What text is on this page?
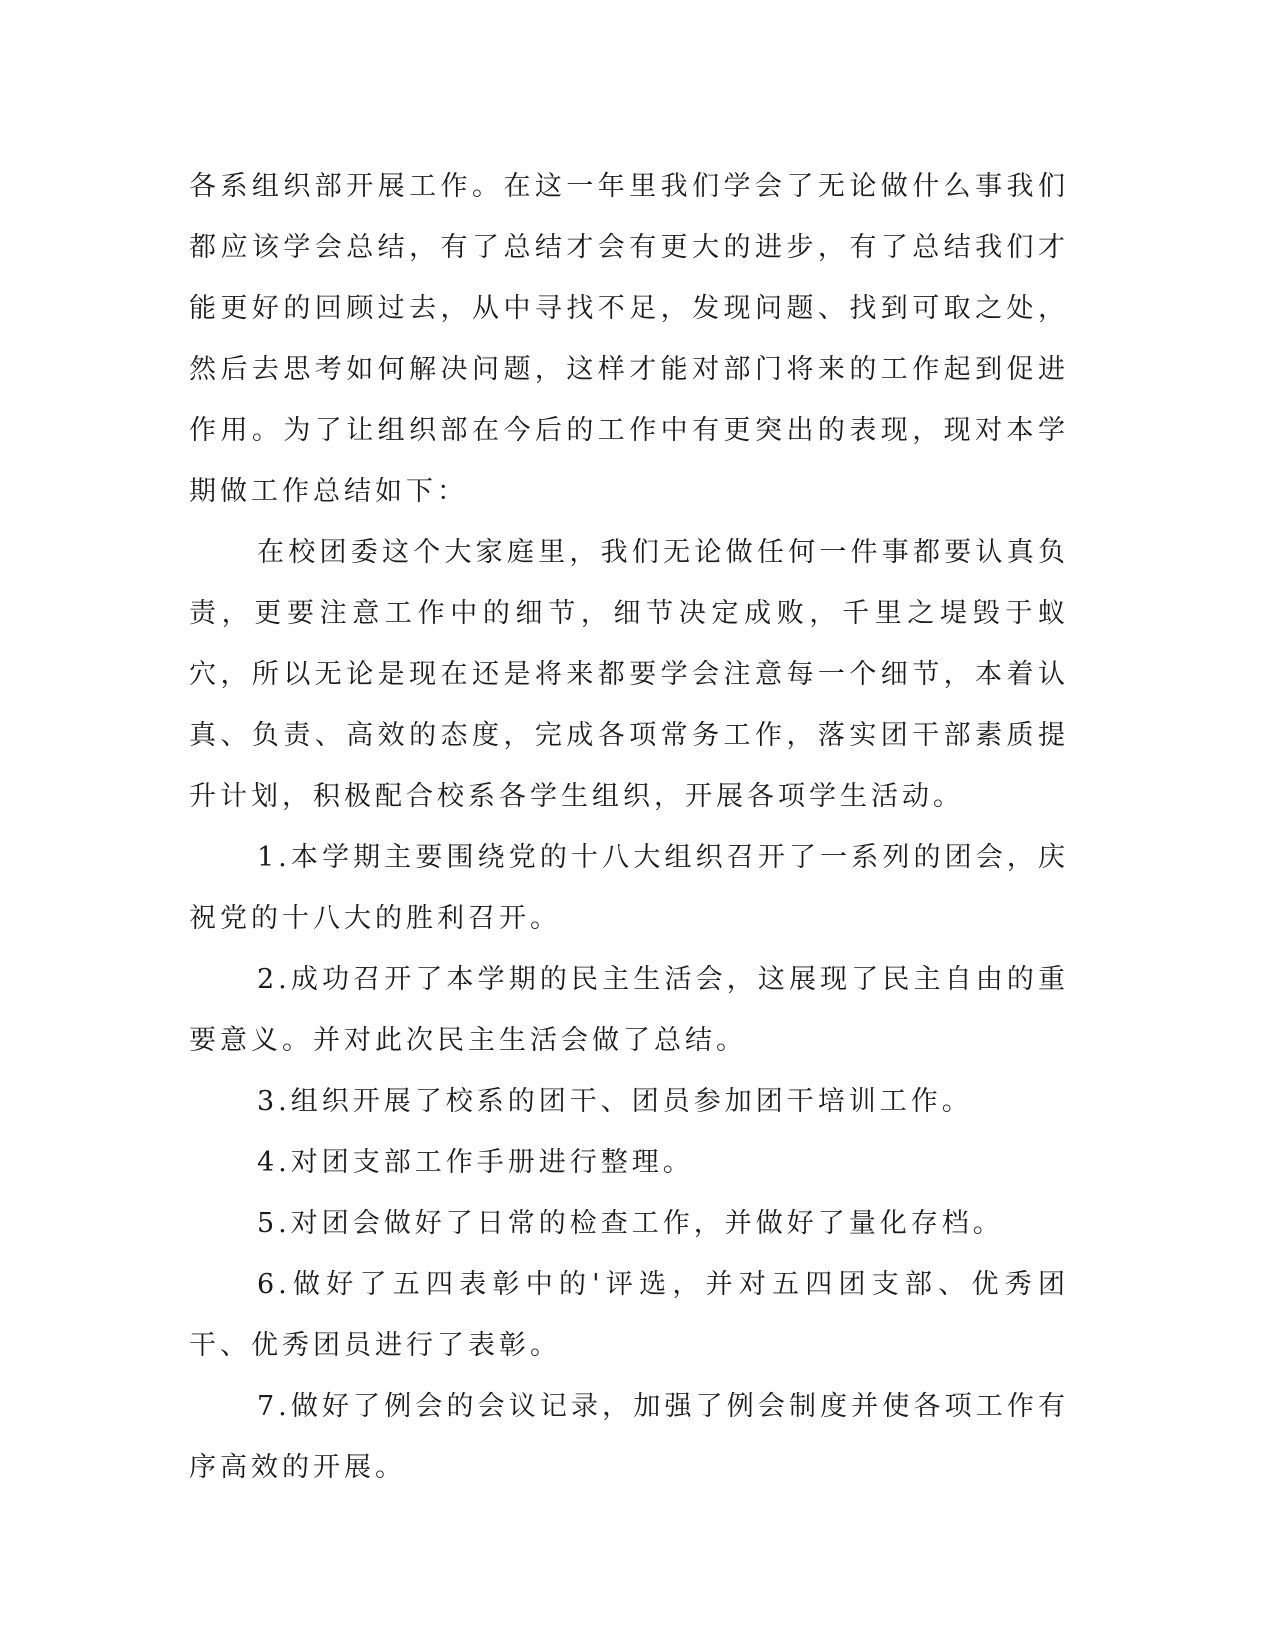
各系组织部开展工作。在这一年里我们学会了无论做什么事我们都应该学会总结，有了总结才会有更大的进步，有了总结我们才能更好的回顾过去，从中寻找不足，发现问题、找到可取之处，然后去思考如何解决问题，这样才能对部门将来的工作起到促进作用。为了让组织部在今后的工作中有更突出的表现，现对本学期做工作总结如下：

在校团委这个大家庭里，我们无论做任何一件事都要认真负责，更要注意工作中的细节，细节决定成败，千里之堤毁于蚁穴，所以无论是现在还是将来都要学会注意每一个细节，本着认真、负责、高效的态度，完成各项常务工作，落实团干部素质提升计划，积极配合校系各学生组织，开展各项学生活动。

1.本学期主要围绕党的十八大组织召开了一系列的团会，庆祝党的十八大的胜利召开。

2.成功召开了本学期的民主生活会，这展现了民主自由的重要意义。并对此次民主生活会做了总结。

3.组织开展了校系的团干、团员参加团干培训工作。

4.对团支部工作手册进行整理。

5.对团会做好了日常的检查工作，并做好了量化存档。

6.做好了五四表彰中的'评选，并对五四团支部、优秀团干、优秀团员进行了表彰。

7.做好了例会的会议记录，加强了例会制度并使各项工作有序高效的开展。
